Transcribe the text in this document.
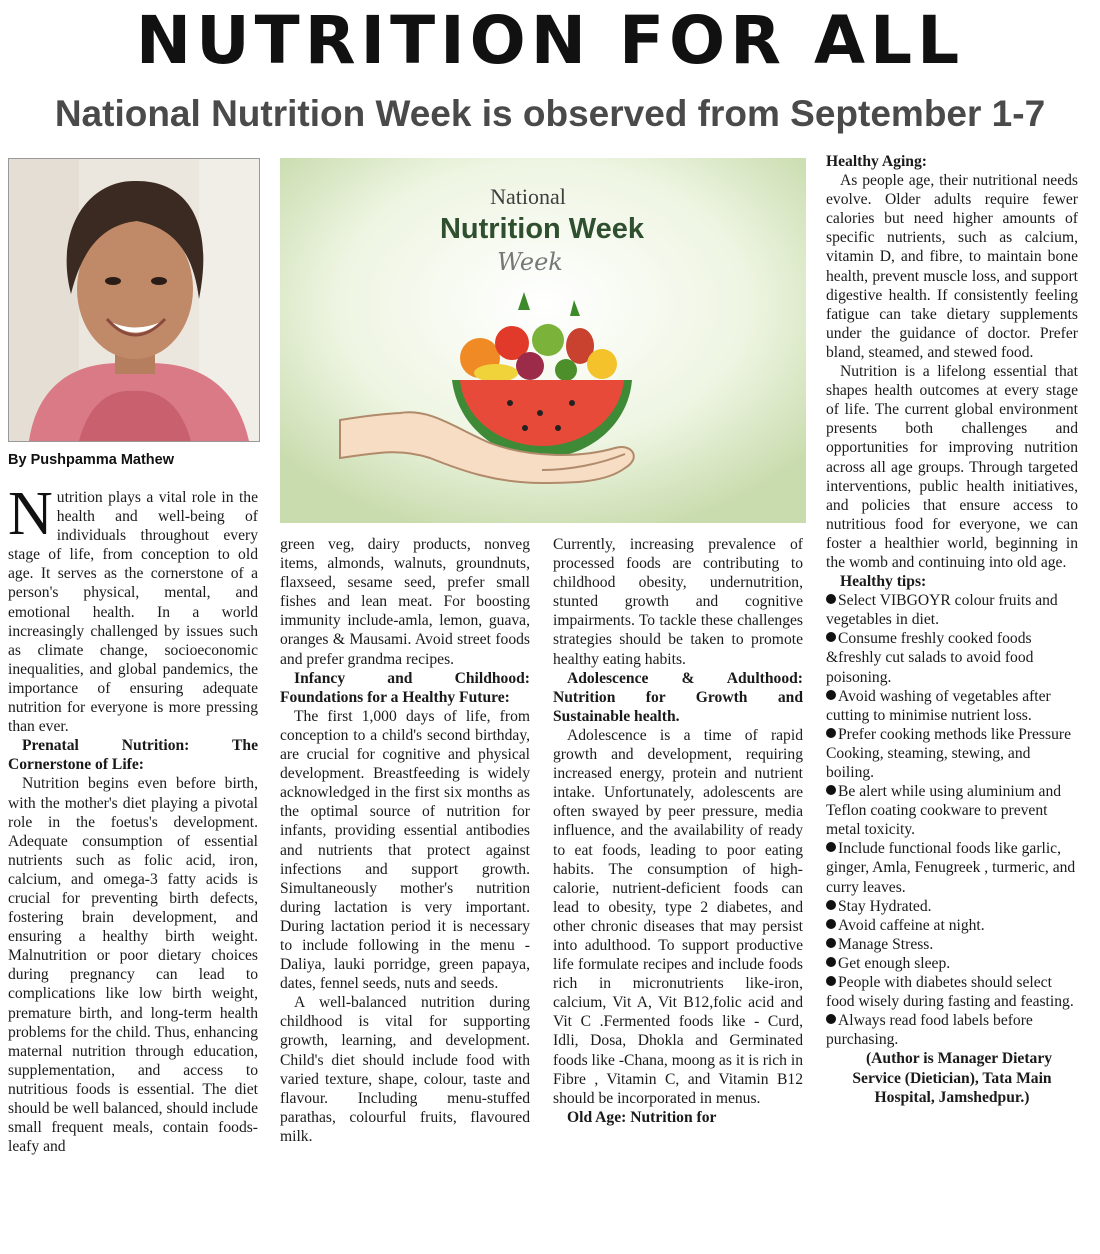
NUTRITION FOR ALL
National Nutrition Week is observed from September 1-7
By Pushpamma Mathew
National
Nutrition Week
Week

Nutrition plays a vital role in the health and well-being of individuals throughout every stage of life, from conception to old age. It serves as the cornerstone of a person's physical, mental, and emotional health. In a world increasingly challenged by issues such as climate change, socioeconomic inequalities, and global pandemics, the importance of ensuring adequate nutrition for everyone is more pressing than ever.

Prenatal Nutrition: The Cornerstone of Life:

Nutrition begins even before birth, with the mother's diet playing a pivotal role in the foetus's development. Adequate consumption of essential nutrients such as folic acid, iron, calcium, and omega-3 fatty acids is crucial for preventing birth defects, fostering brain development, and ensuring a healthy birth weight. Malnutrition or poor dietary choices during pregnancy can lead to complications like low birth weight, premature birth, and long-term health problems for the child. Thus, enhancing maternal nutrition through education, supplementation, and access to nutritious foods is essential. The diet should be well balanced, should include small frequent meals, contain foods-leafy and

green veg, dairy products, nonveg items, almonds, walnuts, groundnuts, flaxseed, sesame seed, prefer small fishes and lean meat. For boosting immunity include-amla, lemon, guava, oranges & Mausami. Avoid street foods and prefer grandma recipes.

Infancy and Childhood: Foundations for a Healthy Future:

The first 1,000 days of life, from conception to a child's second birthday, are crucial for cognitive and physical development. Breastfeeding is widely acknowledged in the first six months as the optimal source of nutrition for infants, providing essential antibodies and nutrients that protect against infections and support growth. Simultaneously mother's nutrition during lactation is very important. During lactation period it is necessary to include following in the menu - Daliya, lauki porridge, green papaya, dates, fennel seeds, nuts and seeds.

A well-balanced nutrition during childhood is vital for supporting growth, learning, and development. Child's diet should include food with varied texture, shape, colour, taste and flavour. Including menu-stuffed parathas, colourful fruits, flavoured milk.

Currently, increasing prevalence of processed foods are contributing to childhood obesity, undernutrition, stunted growth and cognitive impairments. To tackle these challenges strategies should be taken to promote healthy eating habits.

Adolescence & Adulthood: Nutrition for Growth and Sustainable health.

Adolescence is a time of rapid growth and development, requiring increased energy, protein and nutrient intake. Unfortunately, adolescents are often swayed by peer pressure, media influence, and the availability of ready to eat foods, leading to poor eating habits. The consumption of high-calorie, nutrient-deficient foods can lead to obesity, type 2 diabetes, and other chronic diseases that may persist into adulthood. To support productive life formulate recipes and include foods rich in micronutrients like-iron, calcium, Vit A, Vit B12,folic acid and Vit C .Fermented foods like - Curd, Idli, Dosa, Dhokla and Germinated foods like -Chana, moong as it is rich in Fibre , Vitamin C, and Vitamin B12 should be incorporated in menus.

Old Age: Nutrition for

Healthy Aging:

As people age, their nutritional needs evolve. Older adults require fewer calories but need higher amounts of specific nutrients, such as calcium, vitamin D, and fibre, to maintain bone health, prevent muscle loss, and support digestive health. If consistently feeling fatigue can take dietary supplements under the guidance of doctor. Prefer bland, steamed, and stewed food.

Nutrition is a lifelong essential that shapes health outcomes at every stage of life. The current global environment presents both challenges and opportunities for improving nutrition across all age groups. Through targeted interventions, public health initiatives, and policies that ensure access to nutritious food for everyone, we can foster a healthier world, beginning in the womb and continuing into old age.

Healthy tips:

Select VIBGOYR colour fruits and vegetables in diet.
Consume freshly cooked foods &freshly cut salads to avoid food poisoning.
Avoid washing of vegetables after cutting to minimise nutrient loss.
Prefer cooking methods like Pressure Cooking, steaming, stewing, and boiling.
Be alert while using aluminium and Teflon coating cookware to prevent metal toxicity.
Include functional foods like garlic, ginger, Amla, Fenugreek , turmeric, and curry leaves.
Stay Hydrated.
Avoid caffeine at night.
Manage Stress.
Get enough sleep.
People with diabetes should select food wisely during fasting and feasting.
Always read food labels before purchasing.

(Author is Manager Dietary Service (Dietician), Tata Main Hospital, Jamshedpur.)
